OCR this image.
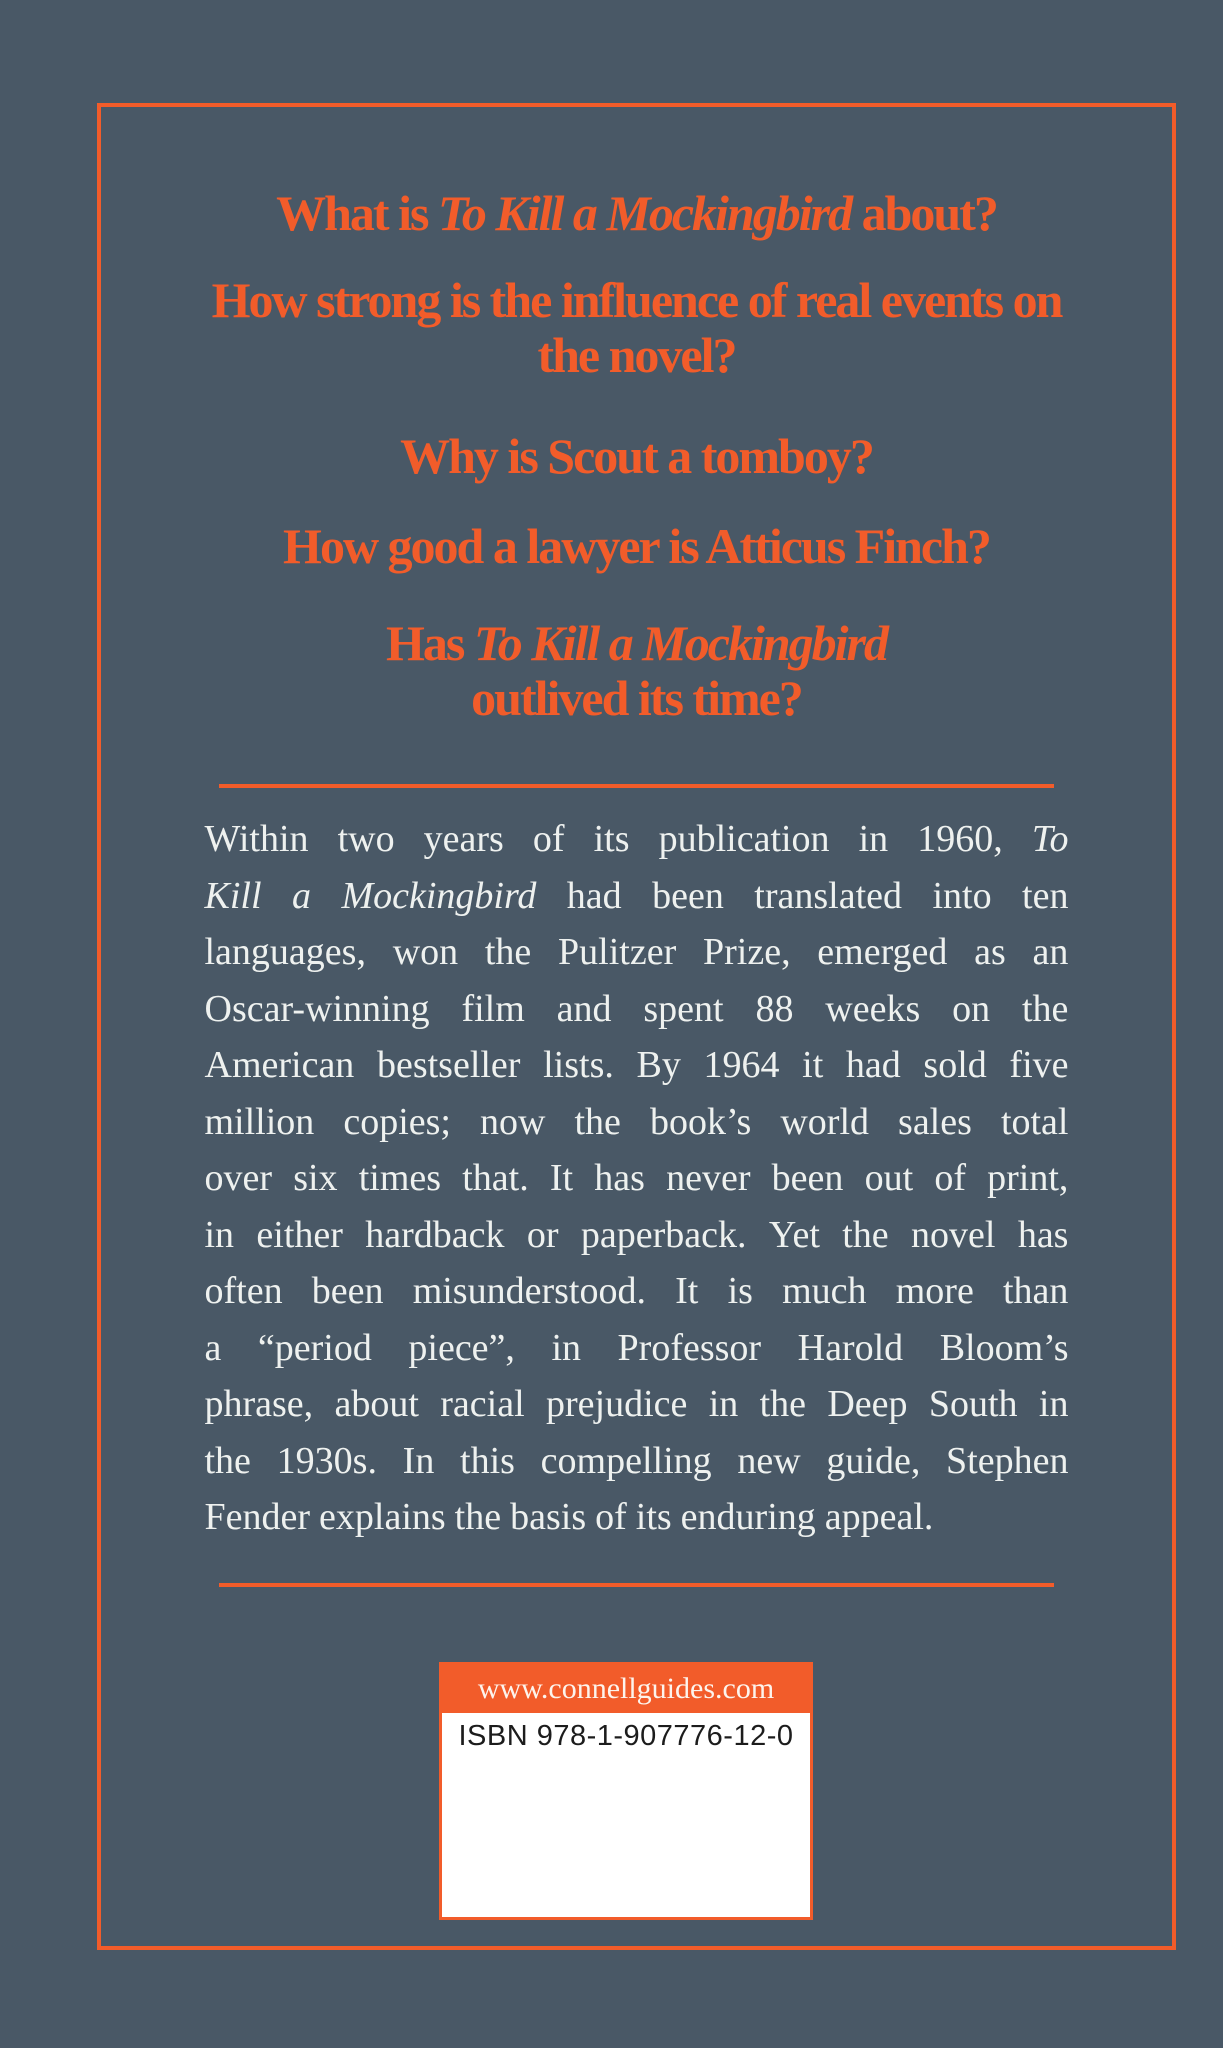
What is To Kill a Mockingbird about?
How strong is the influence of real events on
the novel?
Why is Scout a tomboy?
How good a lawyer is Atticus Finch?
Has To Kill a Mockingbird
outlived its time?
Within two years of its publication in 1960, To
Kill a Mockingbird had been translated into ten
languages, won the Pulitzer Prize, emerged as an
Oscar-winning film and spent 88 weeks on the
American bestseller lists. By 1964 it had sold five
million copies; now the book’s world sales total
over six times that. It has never been out of print,
in either hardback or paperback. Yet the novel has
often been misunderstood. It is much more than
a “period piece”, in Professor Harold Bloom’s
phrase, about racial prejudice in the Deep South in
the 1930s. In this compelling new guide, Stephen
Fender explains the basis of its enduring appeal.
www.connellguides.com
ISBN 978-1-907776-12-0
